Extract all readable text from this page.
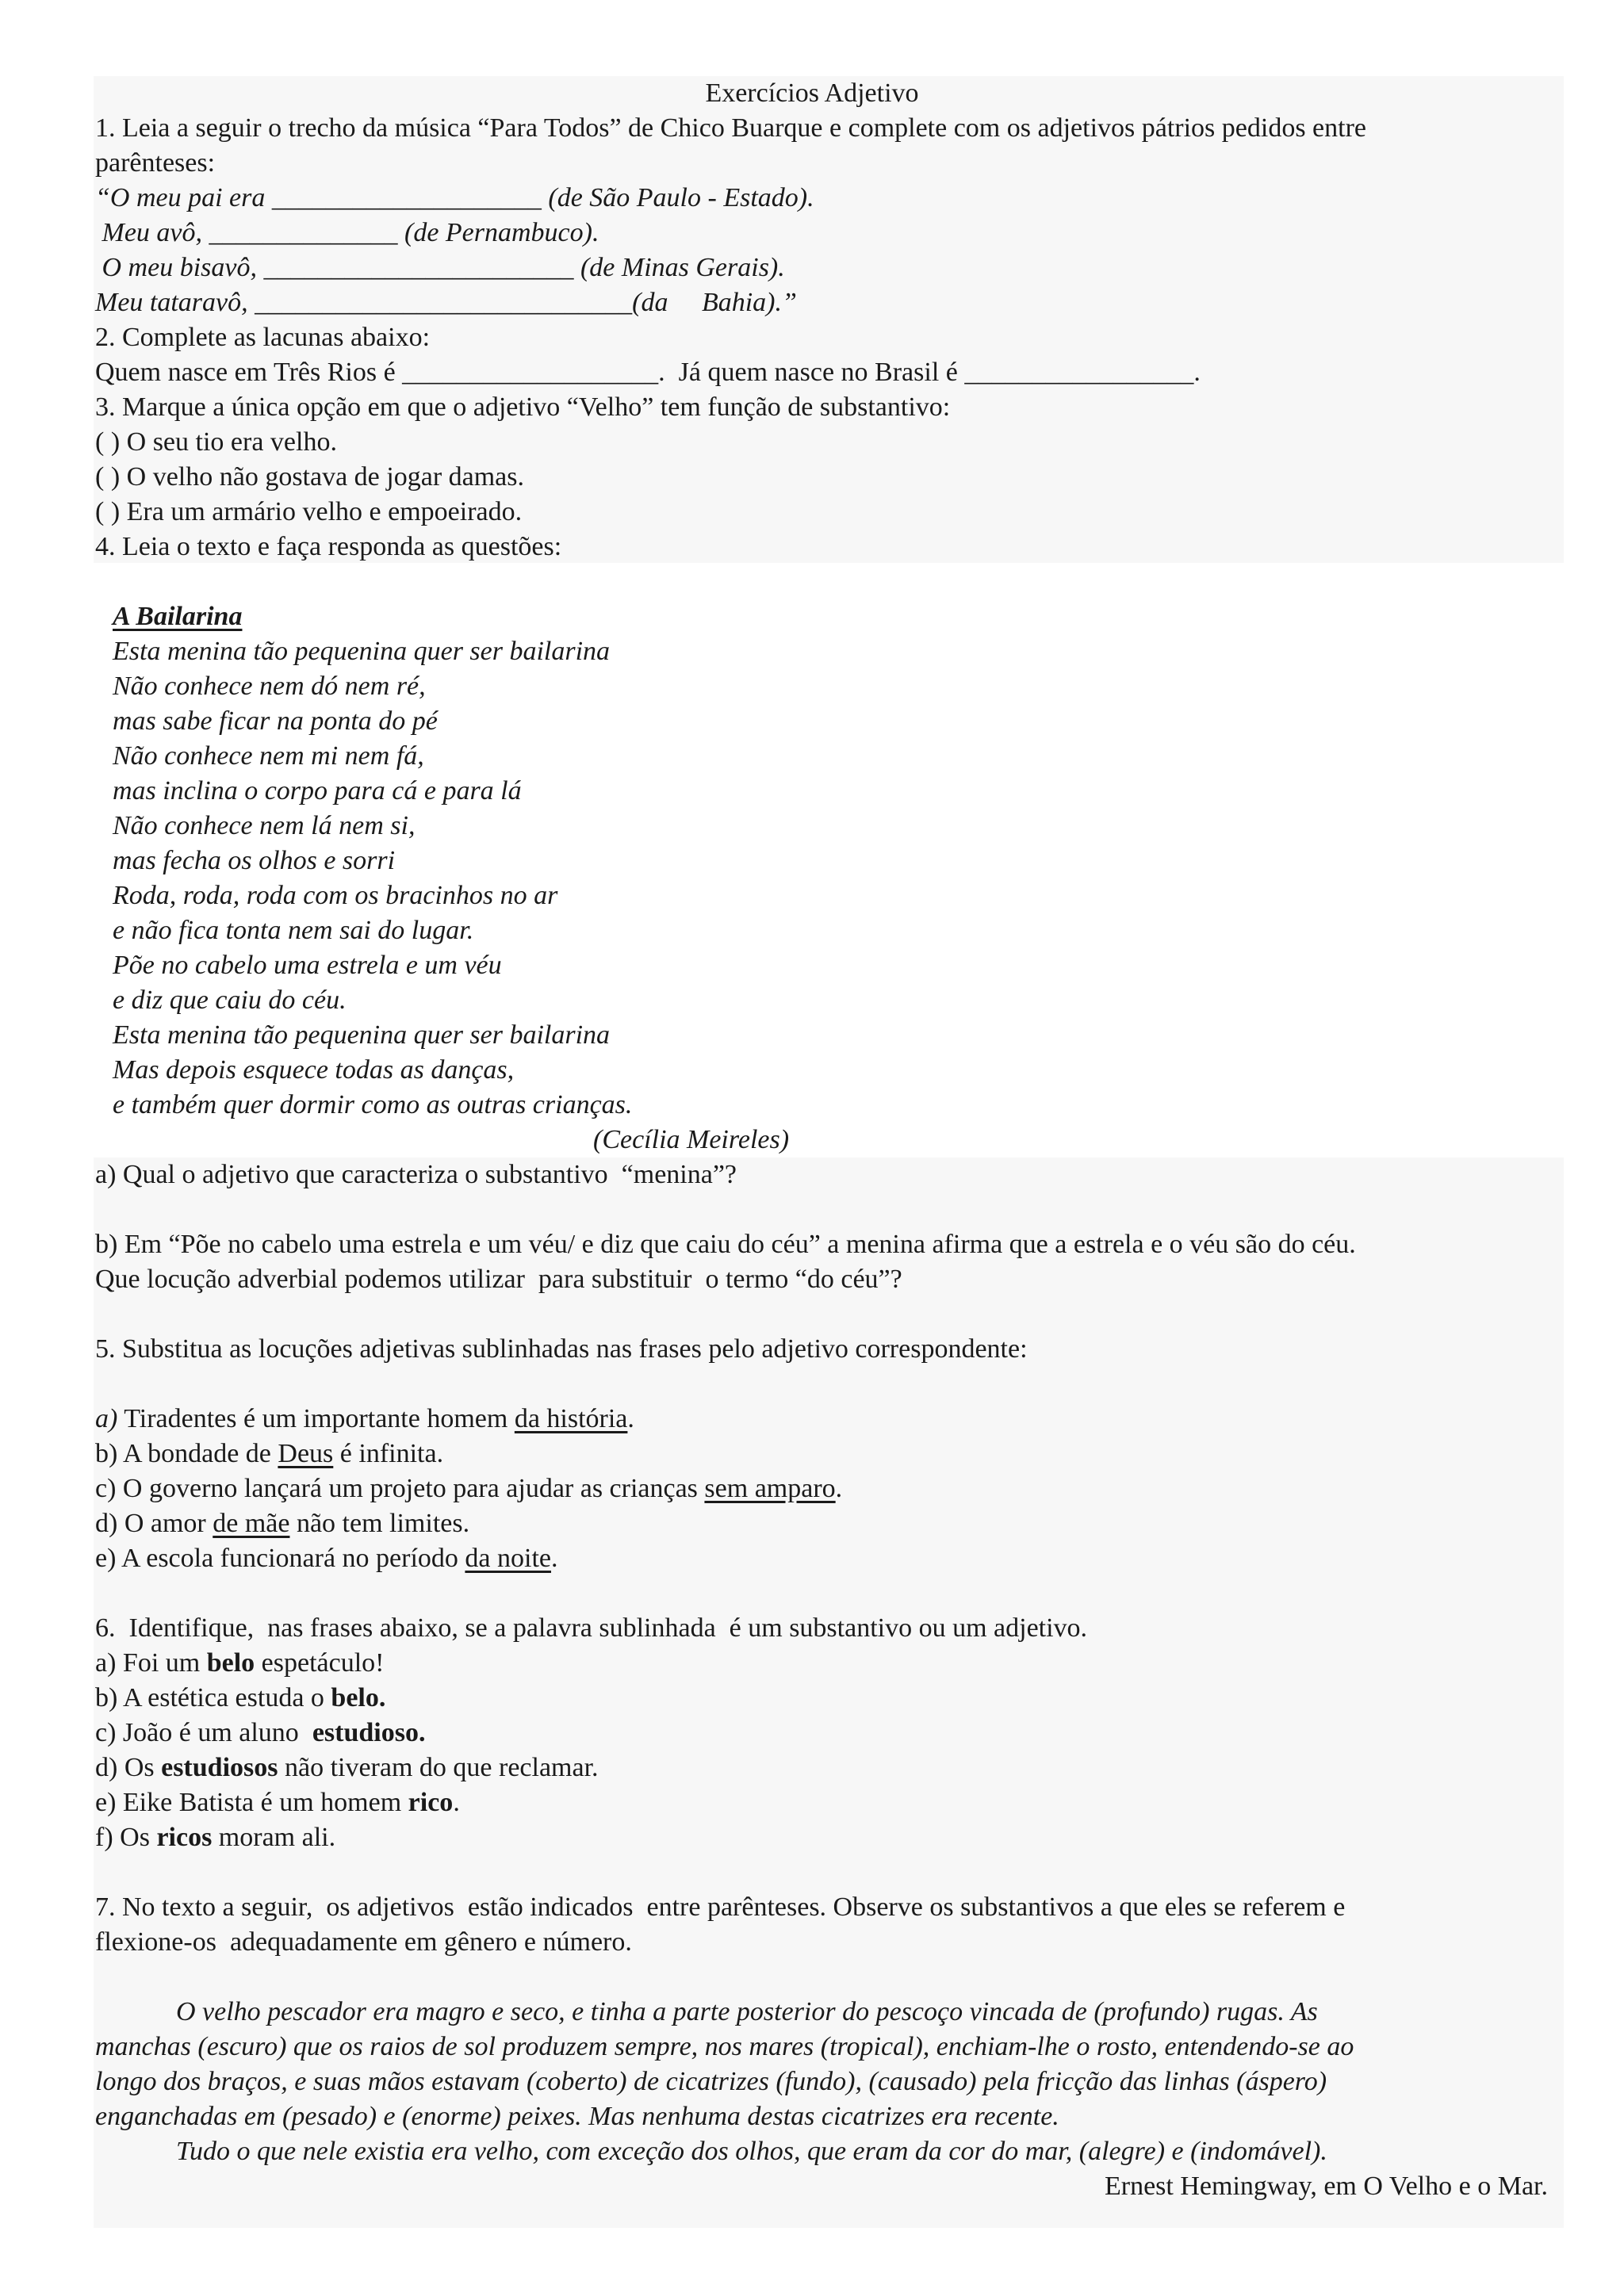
Exercícios Adjetivo
1. Leia a seguir o trecho da música “Para Todos” de Chico Buarque e complete com os adjetivos pátrios pedidos entre
parênteses:
“O meu pai era ____________________ (de São Paulo - Estado).
Meu avô, ______________ (de Pernambuco).
O meu bisavô, _______________________ (de Minas Gerais).
Meu tataravô, ____________________________(da     Bahia).”
2. Complete as lacunas abaixo:
Quem nasce em Três Rios é ___________________.  Já quem nasce no Brasil é _________________.
3. Marque a única opção em que o adjetivo “Velho” tem função de substantivo:
( ) O seu tio era velho.
( ) O velho não gostava de jogar damas.
( ) Era um armário velho e empoeirado.
4. Leia o texto e faça responda as questões:
A Bailarina
Esta menina tão pequenina quer ser bailarina
Não conhece nem dó nem ré,
mas sabe ficar na ponta do pé
Não conhece nem mi nem fá,
mas inclina o corpo para cá e para lá
Não conhece nem lá nem si,
mas fecha os olhos e sorri
Roda, roda, roda com os bracinhos no ar
e não fica tonta nem sai do lugar.
Põe no cabelo uma estrela e um véu
e diz que caiu do céu.
Esta menina tão pequenina quer ser bailarina
Mas depois esquece todas as danças,
e também quer dormir como as outras crianças.
(Cecília Meireles)
a) Qual o adjetivo que caracteriza o substantivo  “menina”?
b) Em “Põe no cabelo uma estrela e um véu/ e diz que caiu do céu” a menina afirma que a estrela e o véu são do céu.
Que locução adverbial podemos utilizar  para substituir  o termo “do céu”?
5. Substitua as locuções adjetivas sublinhadas nas frases pelo adjetivo correspondente:
a) Tiradentes é um importante homem da história.
b) A bondade de Deus é infinita.
c) O governo lançará um projeto para ajudar as crianças sem amparo.
d) O amor de mãe não tem limites.
e) A escola funcionará no período da noite.
6.  Identifique,  nas frases abaixo, se a palavra sublinhada  é um substantivo ou um adjetivo.
a) Foi um belo espetáculo!
b) A estética estuda o belo.
c) João é um aluno  estudioso.
d) Os estudiosos não tiveram do que reclamar.
e) Eike Batista é um homem rico.
f) Os ricos moram ali.
7. No texto a seguir,  os adjetivos  estão indicados  entre parênteses. Observe os substantivos a que eles se referem e
flexione-os  adequadamente em gênero e número.
O velho pescador era magro e seco, e tinha a parte posterior do pescoço vincada de (profundo) rugas. As
manchas (escuro) que os raios de sol produzem sempre, nos mares (tropical), enchiam-lhe o rosto, entendendo-se ao
longo dos braços, e suas mãos estavam (coberto) de cicatrizes (fundo), (causado) pela fricção das linhas (áspero)
enganchadas em (pesado) e (enorme) peixes. Mas nenhuma destas cicatrizes era recente.
Tudo o que nele existia era velho, com exceção dos olhos, que eram da cor do mar, (alegre) e (indomável).
Ernest Hemingway, em O Velho e o Mar.
